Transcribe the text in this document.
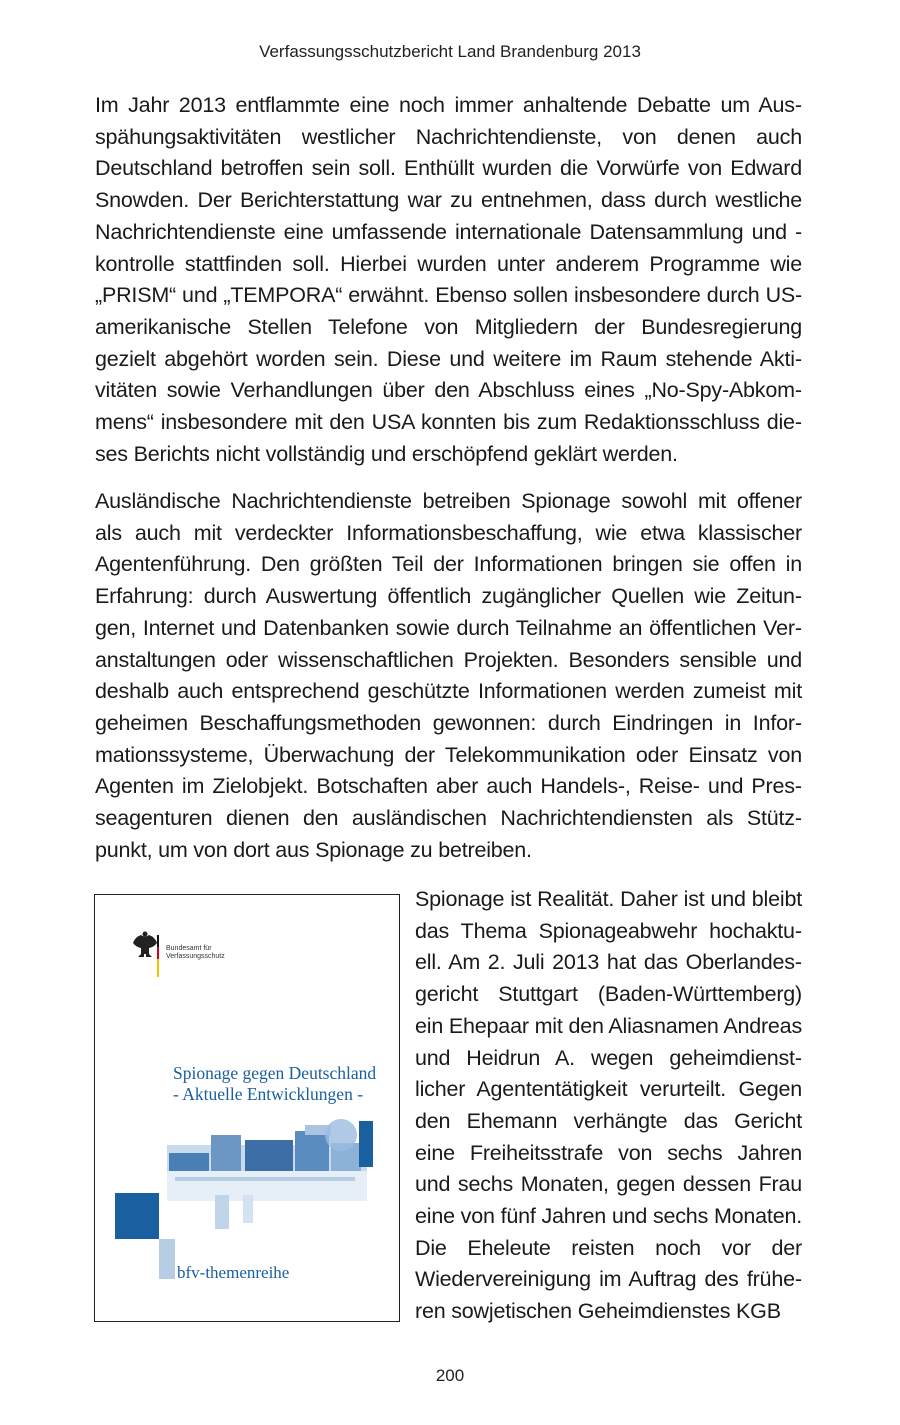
Verfassungsschutzbericht Land Brandenburg 2013

Im Jahr 2013 entflammte eine noch immer anhaltende Debatte um Ausspähungsaktivitäten westlicher Nachrichtendienste, von denen auch Deutschland betroffen sein soll. Enthüllt wurden die Vorwürfe von Edward Snowden. Der Berichterstattung war zu entnehmen, dass durch westliche Nachrichtendienste eine umfassende internationale Datensammlung und -kontrolle stattfinden soll. Hierbei wurden unter anderem Programme wie „PRISM“ und „TEMPORA“ erwähnt. Ebenso sollen insbesondere durch US-amerikanische Stellen Telefone von Mitgliedern der Bundesregierung gezielt abgehört worden sein. Diese und weitere im Raum stehende Aktivitäten sowie Verhandlungen über den Abschluss eines „No-Spy-Abkommens“ insbesondere mit den USA konnten bis zum Redaktionsschluss dieses Berichts nicht vollständig und erschöpfend geklärt werden.

Ausländische Nachrichtendienste betreiben Spionage sowohl mit offener als auch mit verdeckter Informationsbeschaffung, wie etwa klassischer Agentenführung. Den größten Teil der Informationen bringen sie offen in Erfahrung: durch Auswertung öffentlich zugänglicher Quellen wie Zeitungen, Internet und Datenbanken sowie durch Teilnahme an öffentlichen Veranstaltungen oder wissenschaftlichen Projekten. Besonders sensible und deshalb auch entsprechend geschützte Informationen werden zumeist mit geheimen Beschaffungsmethoden gewonnen: durch Eindringen in Informationssysteme, Überwachung der Telekommunikation oder Einsatz von Agenten im Zielobjekt. Botschaften aber auch Handels-, Reise- und Presseagenturen dienen den ausländischen Nachrichtendiensten als Stützpunkt, um von dort aus Spionage zu betreiben.

Bundesamt für
Verfassungsschutz
Spionage gegen Deutschland
- Aktuelle Entwicklungen -
bfv-themenreihe

Spionage ist Realität. Daher ist und bleibt das Thema Spionageabwehr hochaktuell. Am 2. Juli 2013 hat das Oberlandesgericht Stuttgart (Baden-Württemberg) ein Ehepaar mit den Aliasnamen Andreas und Heidrun A. wegen geheimdienstlicher Agententätigkeit verurteilt. Gegen den Ehemann verhängte das Gericht eine Freiheitsstrafe von sechs Jahren und sechs Monaten, gegen dessen Frau eine von fünf Jahren und sechs Monaten. Die Eheleute reisten noch vor der Wiedervereinigung im Auftrag des früheren sowjetischen Geheimdienstes KGB

200
